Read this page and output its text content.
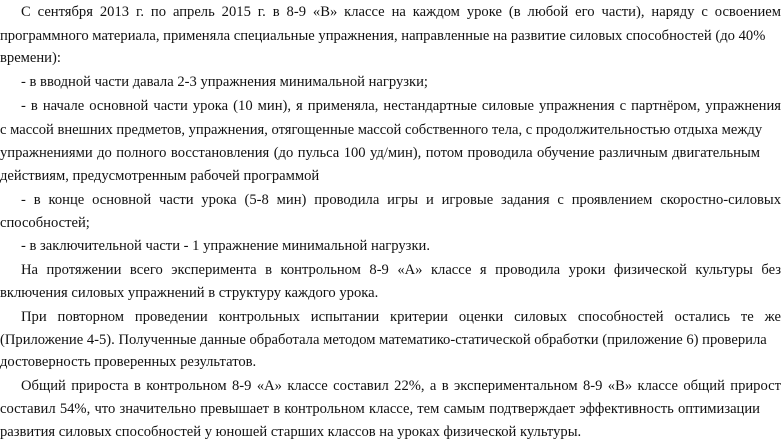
С сентября 2013 г. по апрель 2015 г. в 8-9 «В» классе на каждом уроке (в любой его части), наряду с освоением
программного материала, применяла специальные упражнения, направленные на развитие силовых способностей (до 40%
времени):
- в вводной части давала 2-3 упражнения минимальной нагрузки;
- в начале основной части урока (10 мин), я применяла, нестандартные силовые упражнения с партнёром, упражнения
с массой внешних предметов, упражнения, отягощенные массой собственного тела, с продолжительностью отдыха между
упражнениями до полного восстановления (до пульса 100 уд/мин), потом проводила обучение различным двигательным
действиям, предусмотренным рабочей программой
- в конце основной части урока (5-8 мин) проводила игры и игровые задания с проявлением скоростно-силовых
способностей;
- в заключительной части - 1 упражнение минимальной нагрузки.
На протяжении всего эксперимента в контрольном 8-9 «А» классе я проводила уроки физической культуры без
включения силовых упражнений в структуру каждого урока.
При повторном проведении контрольных испытании критерии оценки силовых способностей остались те же
(Приложение 4-5). Полученные данные обработала методом математико-статической обработки (приложение 6) проверила
достоверность проверенных результатов.
Общий прироста в контрольном 8-9 «А» классе составил 22%, а в экспериментальном 8-9 «В» классе общий прирост
составил 54%, что значительно превышает в контрольном классе, тем самым подтверждает эффективность оптимизации
развития силовых способностей у юношей старших классов на уроках физической культуры.
